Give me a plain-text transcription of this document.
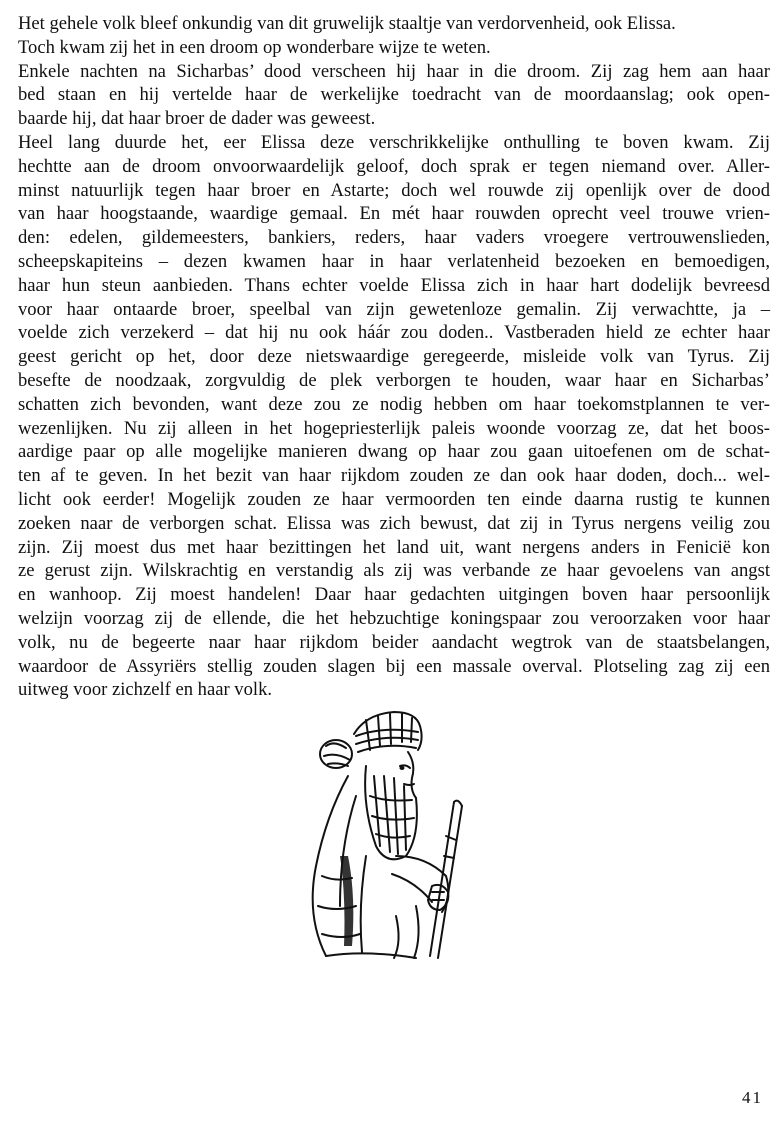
Het gehele volk bleef onkundig van dit gruwelijk staaltje van verdorvenheid, ook Elissa.
Toch kwam zij het in een droom op wonderbare wijze te weten.
Enkele nachten na Sicharbas’ dood verscheen hij haar in die droom. Zij zag hem aan haar
bed staan en hij vertelde haar de werkelijke toedracht van de moordaanslag; ook open-
baarde hij, dat haar broer de dader was geweest.
Heel lang duurde het, eer Elissa deze verschrikkelijke onthulling te boven kwam. Zij
hechtte aan de droom onvoorwaardelijk geloof, doch sprak er tegen niemand over. Aller-
minst natuurlijk tegen haar broer en Astarte; doch wel rouwde zij openlijk over de dood
van haar hoogstaande, waardige gemaal. En mét haar rouwden oprecht veel trouwe vrien-
den: edelen, gildemeesters, bankiers, reders, haar vaders vroegere vertrouwenslieden,
scheepskapiteins – dezen kwamen haar in haar verlatenheid bezoeken en bemoedigen,
haar hun steun aanbieden. Thans echter voelde Elissa zich in haar hart dodelijk bevreesd
voor haar ontaarde broer, speelbal van zijn gewetenloze gemalin. Zij verwachtte, ja –
voelde zich verzekerd – dat hij nu ook háár zou doden.. Vastberaden hield ze echter haar
geest gericht op het, door deze nietswaardige geregeerde, misleide volk van Tyrus. Zij
besefte de noodzaak, zorgvuldig de plek verborgen te houden, waar haar en Sicharbas’
schatten zich bevonden, want deze zou ze nodig hebben om haar toekomstplannen te ver-
wezenlijken. Nu zij alleen in het hogepriesterlijk paleis woonde voorzag ze, dat het boos-
aardige paar op alle mogelijke manieren dwang op haar zou gaan uitoefenen om de schat-
ten af te geven. In het bezit van haar rijkdom zouden ze dan ook haar doden, doch... wel-
licht ook eerder! Mogelijk zouden ze haar vermoorden ten einde daarna rustig te kunnen
zoeken naar de verborgen schat. Elissa was zich bewust, dat zij in Tyrus nergens veilig zou
zijn. Zij moest dus met haar bezittingen het land uit, want nergens anders in Fenicië kon
ze gerust zijn. Wilskrachtig en verstandig als zij was verbande ze haar gevoelens van angst
en wanhoop. Zij moest handelen! Daar haar gedachten uitgingen boven haar persoonlijk
welzijn voorzag zij de ellende, die het hebzuchtige koningspaar zou veroorzaken voor haar
volk, nu de begeerte naar haar rijkdom beider aandacht wegtrok van de staatsbelangen,
waardoor de Assyriërs stellig zouden slagen bij een massale overval. Plotseling zag zij een
uitweg voor zichzelf en haar volk.
41
